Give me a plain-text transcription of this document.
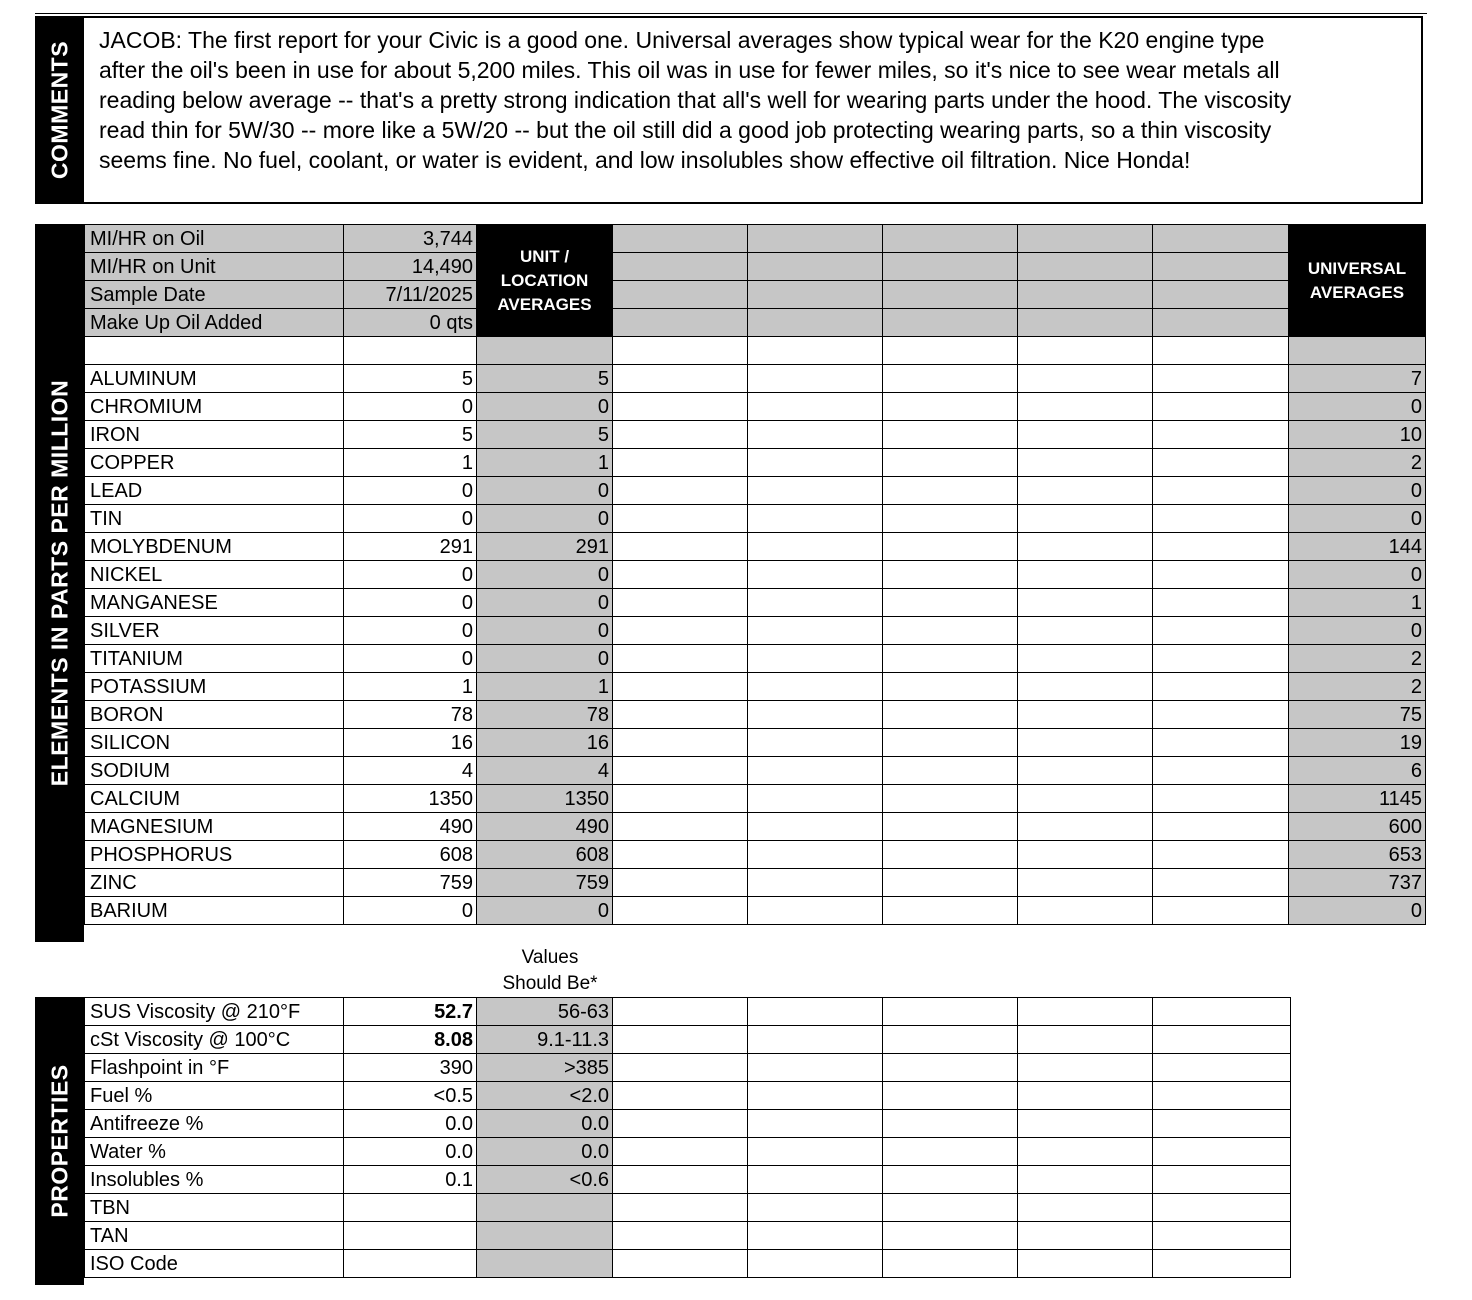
COMMENTS
JACOB: The first report for your Civic is a good one. Universal averages show typical wear for the K20 engine type after the oil's been in use for about 5,200 miles. This oil was in use for fewer miles, so it's nice to see wear metals all reading below average -- that's a pretty strong indication that all's well for wearing parts under the hood. The viscosity read thin for 5W/30 -- more like a 5W/20 -- but the oil still did a good job protecting wearing parts, so a thin viscosity seems fine. No fuel, coolant, or water is evident, and low insolubles show effective oil filtration. Nice Honda!
ELEMENTS IN PARTS PER MILLION
MI/HR on Oil	3,744	UNIT / LOCATION AVERAGES						UNIVERSAL AVERAGES
MI/HR on Unit	14,490							
Sample Date	7/11/2025							
Make Up Oil Added	0 qts							

ALUMINUM	5	5						7
CHROMIUM	0	0						0
IRON	5	5						10
COPPER	1	1						2
LEAD	0	0						0
TIN	0	0						0
MOLYBDENUM	291	291						144
NICKEL	0	0						0
MANGANESE	0	0						1
SILVER	0	0						0
TITANIUM	0	0						2
POTASSIUM	1	1						2
BORON	78	78						75
SILICON	16	16						19
SODIUM	4	4						6
CALCIUM	1350	1350						1145
MAGNESIUM	490	490						600
PHOSPHORUS	608	608						653
ZINC	759	759						737
BARIUM	0	0						0
Values
Should Be*
PROPERTIES
SUS Viscosity @ 210°F	52.7	56-63					
cSt Viscosity @ 100°C	8.08	9.1-11.3					
Flashpoint in °F	390	>385					
Fuel %	<0.5	<2.0					
Antifreeze %	0.0	0.0					
Water %	0.0	0.0					
Insolubles %	0.1	<0.6					
TBN							
TAN							
ISO Code							
